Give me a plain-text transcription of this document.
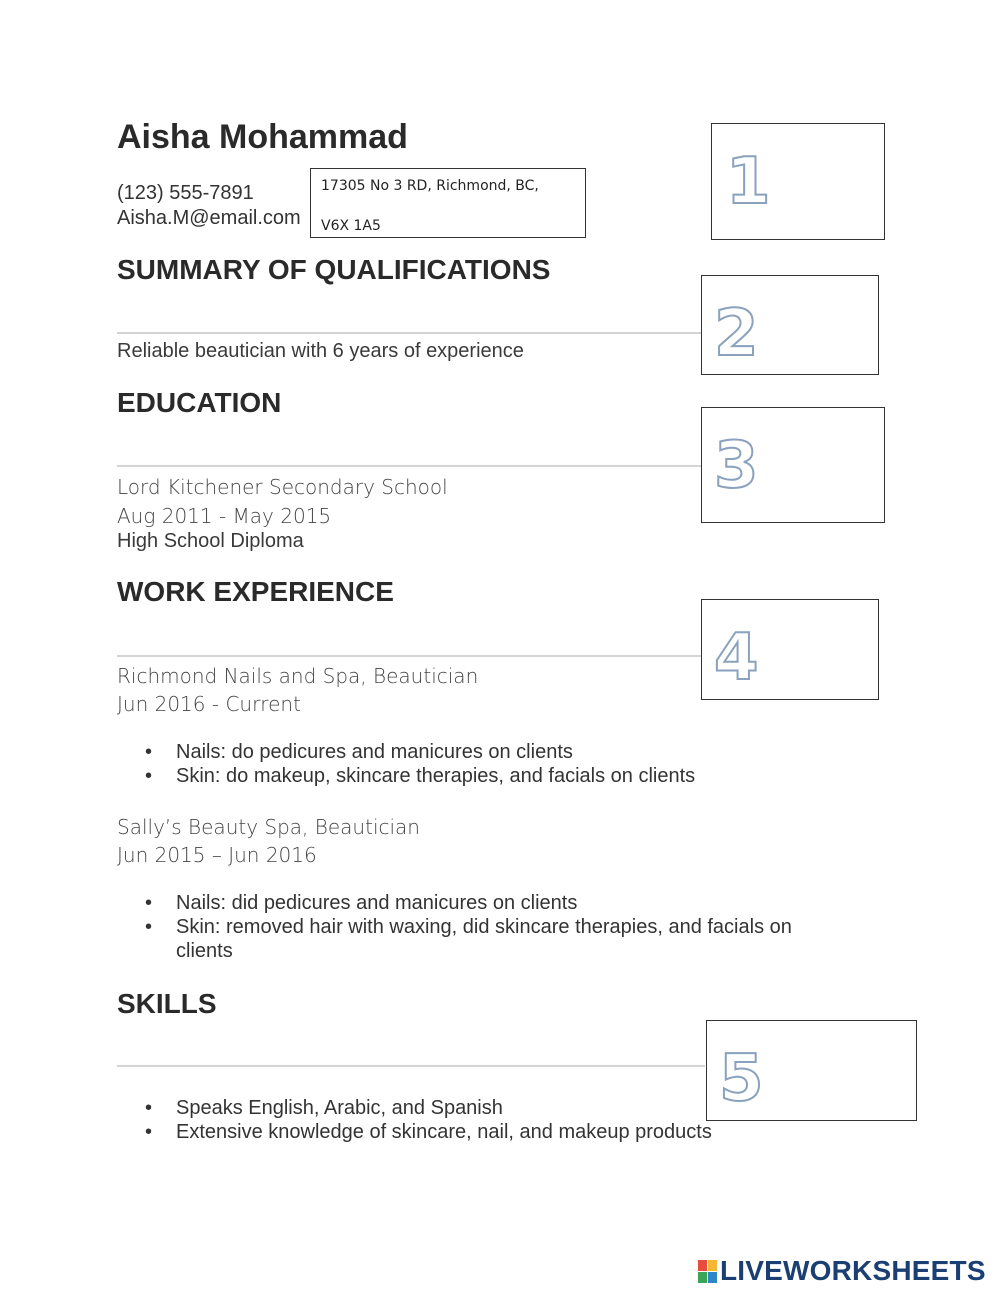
Aisha Mohammad
(123) 555-7891
Aisha.M@email.com
17305 No 3 RD, Richmond, BC,
V6X 1A5
SUMMARY OF QUALIFICATIONS
Reliable beautician with 6 years of experience
EDUCATION
Lord Kitchener Secondary School
Aug 2011 - May 2015
High School Diploma
WORK EXPERIENCE
Richmond Nails and Spa, Beautician
Jun 2016 - Current
• Nails: do pedicures and manicures on clients
• Skin: do makeup, skincare therapies, and facials on clients
Sally’s Beauty Spa, Beautician
Jun 2015 – Jun 2016
• Nails: did pedicures and manicures on clients
• Skin: removed hair with waxing, did skincare therapies, and facials on
clients
SKILLS
• Speaks English, Arabic, and Spanish
• Extensive knowledge of skincare, nail, and makeup products
1
2
3
4
5
LIVEWORKSHEETS
